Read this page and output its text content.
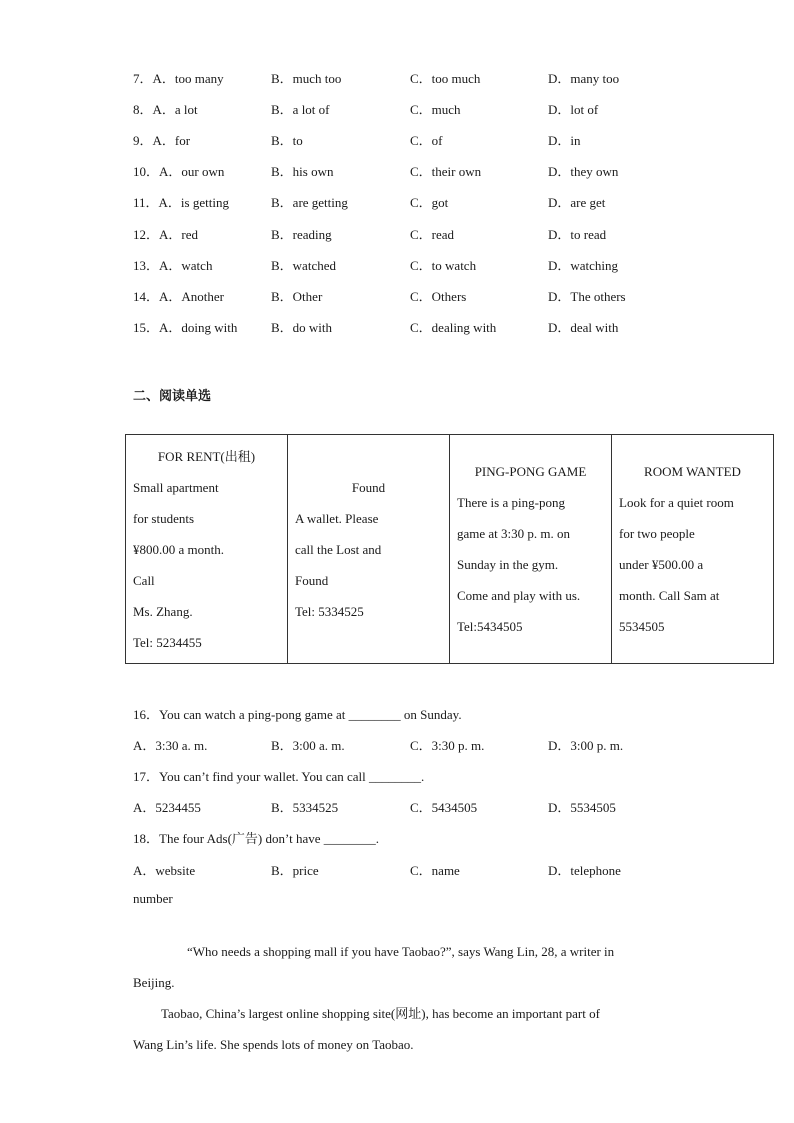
7．A．too many	B．much too	C．too much	D．many too
8．A．a lot	B．a lot of	C．much	D．lot of
9．A．for	B．to	C．of	D．in
10．A．our own	B．his own	C．their own	D．they own
11．A．is getting	B．are getting	C．got	D．are get
12．A．red	B．reading	C．read	D．to read
13．A．watch	B．watched	C．to watch	D．watching
14．A．Another	B．Other	C．Others	D．The others
15．A．doing with	B．do with	C．dealing with	D．deal with
二、阅读单选
FOR RENT(出租)
Small apartment
for students
¥800.00 a month.
Call
Ms. Zhang.
Tel: 5234455

Found
A wallet. Please
call the Lost and
Found
Tel: 5334525

PING-PONG GAME
There is a ping-pong
game at 3:30 p. m. on
Sunday in the gym.
Come and play with us.
Tel:5434505

ROOM WANTED
Look for a quiet room
for two people
under ¥500.00 a
month. Call Sam at
5534505
16．You can watch a ping-pong game at ________ on Sunday.
A．3:30 a. m.	B．3:00 a. m.	C．3:30 p. m.	D．3:00 p. m.
17．You can’t find your wallet. You can call ________.
A．5234455	B．5334525	C．5434505	D．5534505
18．The four Ads(广告) don’t have ________.
A．website	B．price	C．name	D．telephone
number
“Who needs a shopping mall if you have Taobao?”, says Wang Lin, 28, a writer in
Beijing.
Taobao, China’s largest online shopping site(网址), has become an important part of
Wang Lin’s life. She spends lots of money on Taobao.
